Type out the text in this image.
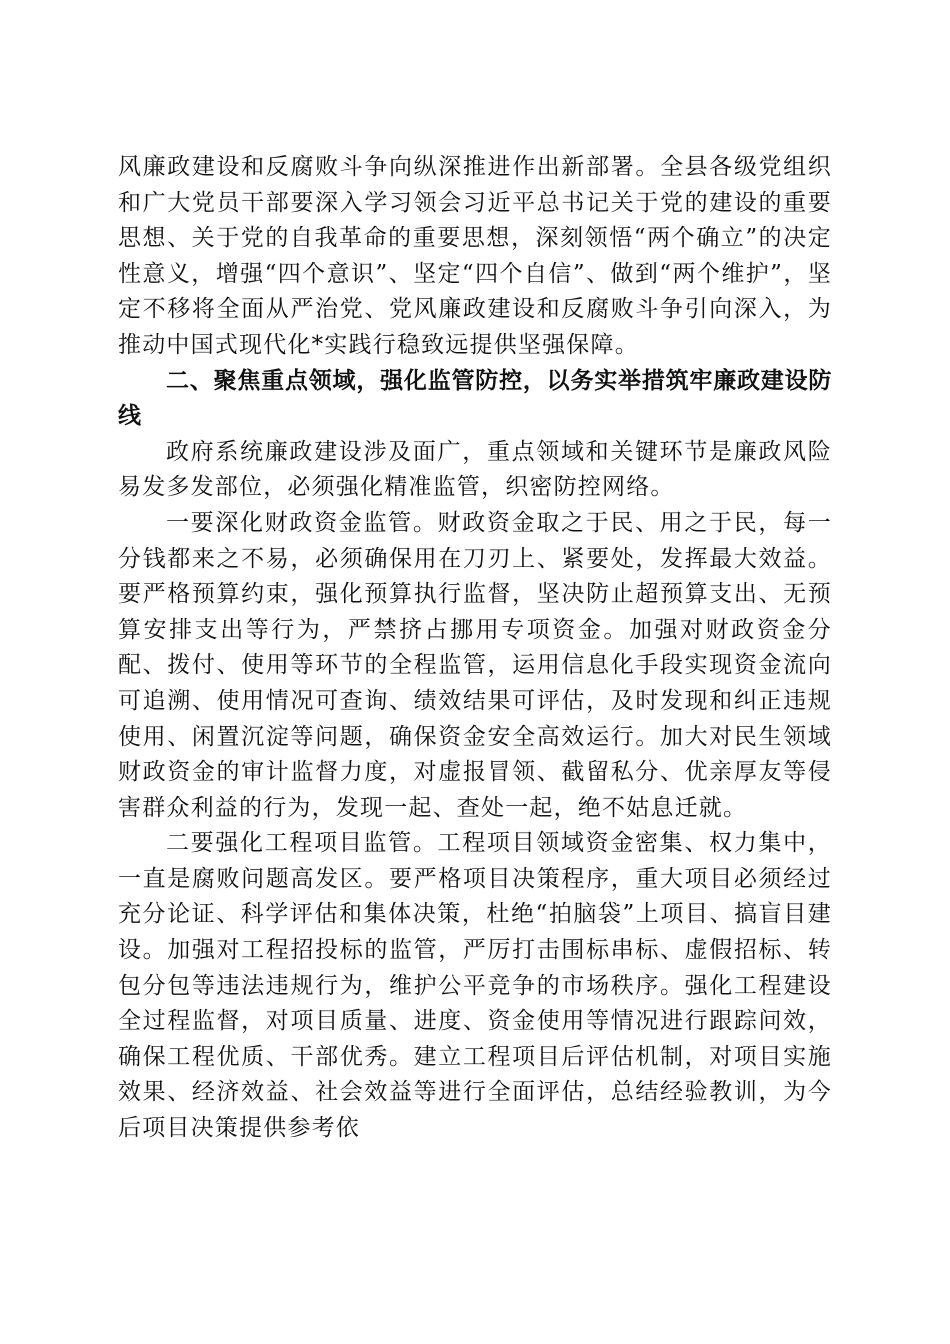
风廉政建设和反腐败斗争向纵深推进作出新部署。全县各级党组织和广大党员干部要深入学习领会习近平总书记关于党的建设的重要思想、关于党的自我革命的重要思想，深刻领悟“两个确立”的决定性意义，增强“四个意识”、坚定“四个自信”、做到“两个维护”，坚定不移将全面从严治党、党风廉政建设和反腐败斗争引向深入，为推动中国式现代化*实践行稳致远提供坚强保障。

二、聚焦重点领域，强化监管防控，以务实举措筑牢廉政建设防线

政府系统廉政建设涉及面广，重点领域和关键环节是廉政风险易发多发部位，必须强化精准监管，织密防控网络。

一要深化财政资金监管。财政资金取之于民、用之于民，每一分钱都来之不易，必须确保用在刀刃上、紧要处，发挥最大效益。要严格预算约束，强化预算执行监督，坚决防止超预算支出、无预算安排支出等行为，严禁挤占挪用专项资金。加强对财政资金分配、拨付、使用等环节的全程监管，运用信息化手段实现资金流向可追溯、使用情况可查询、绩效结果可评估，及时发现和纠正违规使用、闲置沉淀等问题，确保资金安全高效运行。加大对民生领域财政资金的审计监督力度，对虚报冒领、截留私分、优亲厚友等侵害群众利益的行为，发现一起、查处一起，绝不姑息迁就。

二要强化工程项目监管。工程项目领域资金密集、权力集中，一直是腐败问题高发区。要严格项目决策程序，重大项目必须经过充分论证、科学评估和集体决策，杜绝“拍脑袋”上项目、搞盲目建设。加强对工程招投标的监管，严厉打击围标串标、虚假招标、转包分包等违法违规行为，维护公平竞争的市场秩序。强化工程建设全过程监督，对项目质量、进度、资金使用等情况进行跟踪问效，确保工程优质、干部优秀。建立工程项目后评估机制，对项目实施效果、经济效益、社会效益等进行全面评估，总结经验教训，为今后项目决策提供参考依
